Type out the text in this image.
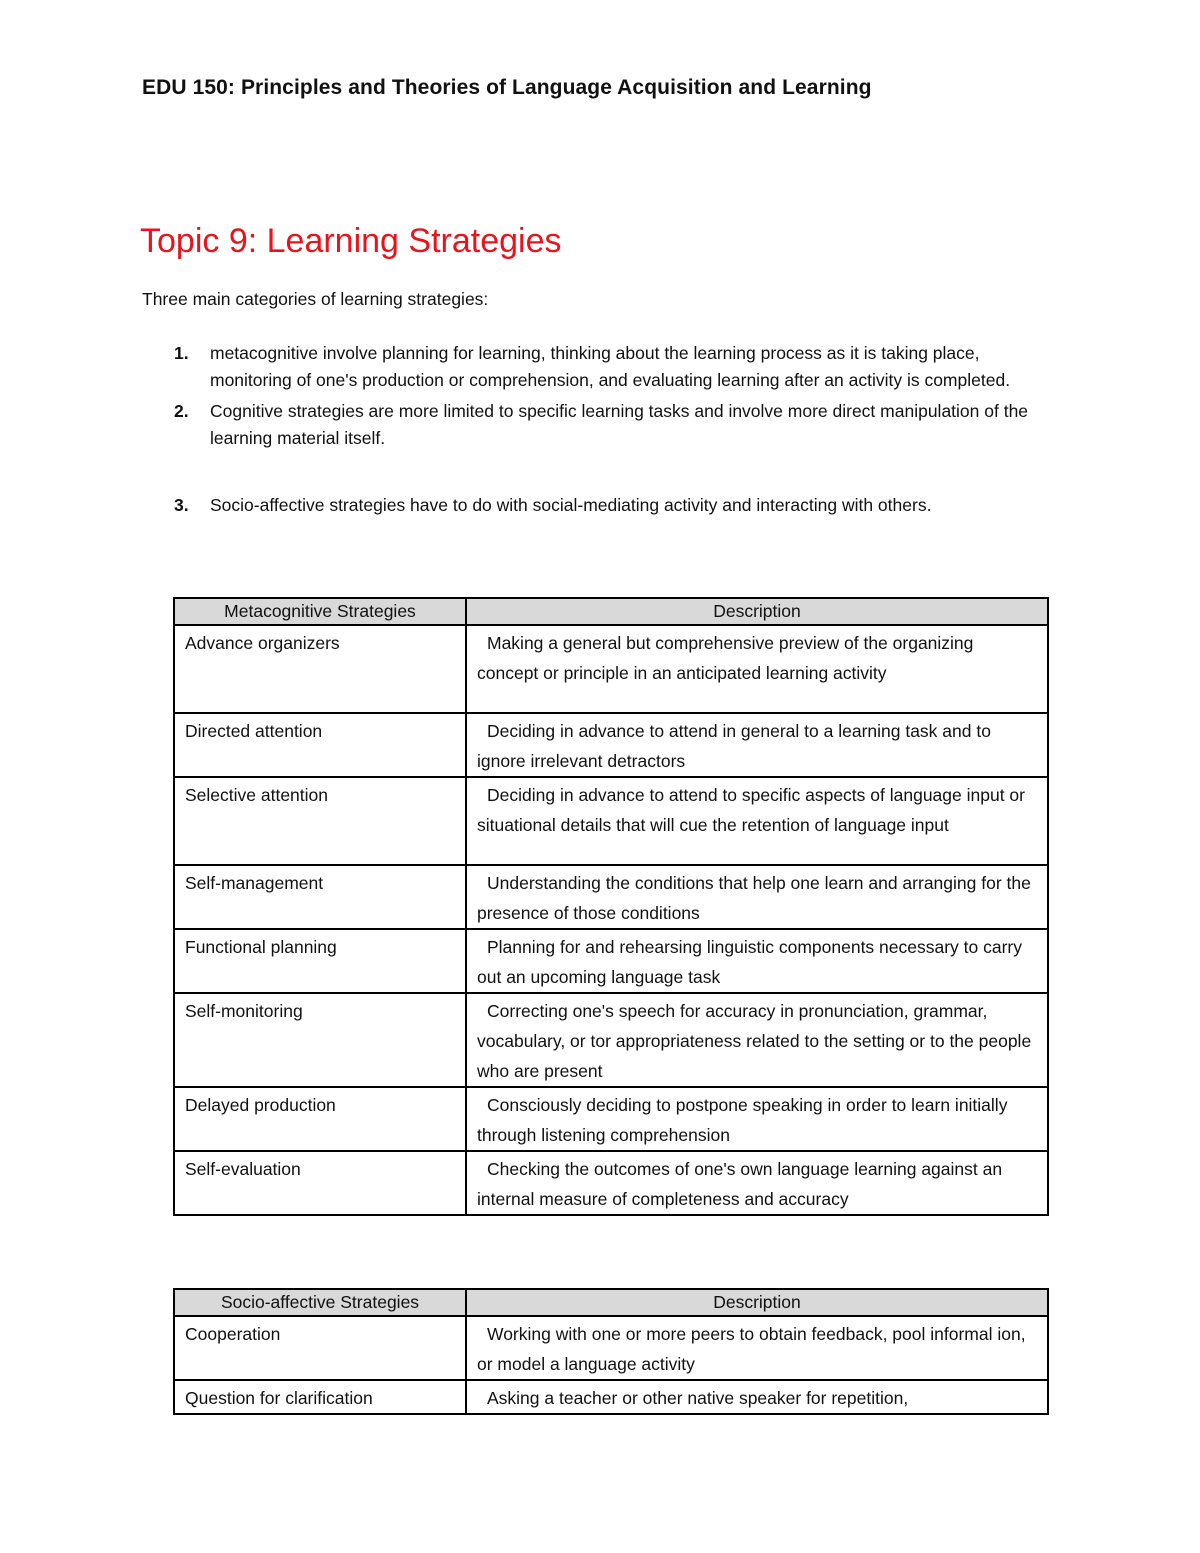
EDU 150: Principles and Theories of Language Acquisition and Learning
Topic 9: Learning Strategies
Three main categories of learning strategies:
1. metacognitive involve planning for learning, thinking about the learning process as it is taking place, monitoring of one's production or comprehension, and evaluating learning after an activity is completed.
2. Cognitive strategies are more limited to specific learning tasks and involve more direct manipulation of the learning material itself.
3. Socio-affective strategies have to do with social-mediating activity and interacting with others.
Metacognitive Strategies	Description
Advance organizers	Making a general but comprehensive preview of the organizing concept or principle in an anticipated learning activity
Directed attention	Deciding in advance to attend in general to a learning task and to ignore irrelevant detractors
Selective attention	Deciding in advance to attend to specific aspects of language input or situational details that will cue the retention of language input
Self-management	Understanding the conditions that help one learn and arranging for the presence of those conditions
Functional planning	Planning for and rehearsing linguistic components necessary to carry out an upcoming language task
Self-monitoring	Correcting one's speech for accuracy in pronunciation, grammar, vocabulary, or tor appropriateness related to the setting or to the people who are present
Delayed production	Consciously deciding to postpone speaking in order to learn initially through listening comprehension
Self-evaluation	Checking the outcomes of one's own language learning against an internal measure of completeness and accuracy
Socio-affective Strategies	Description
Cooperation	Working with one or more peers to obtain feedback, pool informal ion, or model a language activity
Question for clarification	Asking a teacher or other native speaker for repetition,
